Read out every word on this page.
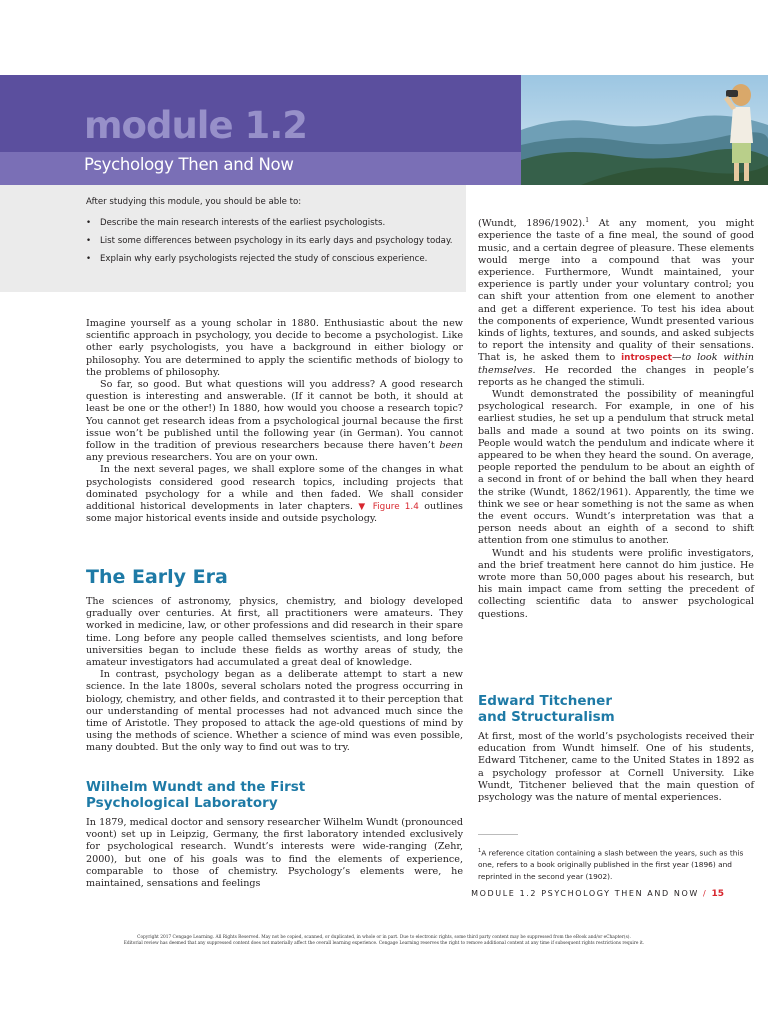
module 1.2
Psychology Then and Now
After studying this module, you should be able to:
• Describe the main research interests of the earliest psychologists.
• List some differences between psychology in its early days and psychology today.
• Explain why early psychologists rejected the study of conscious experience.

Imagine yourself as a young scholar in 1880. Enthusiastic about the new scientific approach in psychology, you decide to become a psychologist. Like other early psychologists, you have a background in either biology or philosophy. You are determined to apply the scientific methods of biology to the problems of philosophy.

So far, so good. But what questions will you address? A good research question is interesting and answerable. (If it cannot be both, it should at least be one or the other!) In 1880, how would you choose a research topic? You cannot get research ideas from a psychological journal because the first issue won’t be published until the following year (in German). You cannot follow in the tradition of previous researchers because there haven’t been any previous researchers. You are on your own.

In the next several pages, we shall explore some of the changes in what psychologists considered good research topics, including projects that dominated psychology for a while and then faded. We shall consider additional historical developments in later chapters. ▼ Figure 1.4 outlines some major historical events inside and outside psychology.

The Early Era

The sciences of astronomy, physics, chemistry, and biology developed gradually over centuries. At first, all practitioners were amateurs. They worked in medicine, law, or other professions and did research in their spare time. Long before any people called themselves scientists, and long before universities began to include these fields as worthy areas of study, the amateur investigators had accumulated a great deal of knowledge.

In contrast, psychology began as a deliberate attempt to start a new science. In the late 1800s, several scholars noted the progress occurring in biology, chemistry, and other fields, and contrasted it to their perception that our understanding of mental processes had not advanced much since the time of Aristotle. They proposed to attack the age-old questions of mind by using the methods of science. Whether a science of mind was even possible, many doubted. But the only way to find out was to try.

Wilhelm Wundt and the First
Psychological Laboratory

In 1879, medical doctor and sensory researcher Wilhelm Wundt (pronounced voont) set up in Leipzig, Germany, the first laboratory intended exclusively for psychological research. Wundt’s interests were wide-ranging (Zehr, 2000), but one of his goals was to find the elements of experience, comparable to those of chemistry. Psychology’s elements were, he maintained, sensations and feelings

(Wundt, 1896/1902).$^1$ At any moment, you might experience the taste of a fine meal, the sound of good music, and a certain degree of pleasure. These elements would merge into a compound that was your experience. Furthermore, Wundt maintained, your experience is partly under your voluntary control; you can shift your attention from one element to another and get a different experience. To test his idea about the components of experience, Wundt presented various kinds of lights, textures, and sounds, and asked subjects to report the intensity and quality of their sensations. That is, he asked them to introspect—to look within themselves. He recorded the changes in people’s reports as he changed the stimuli.

Wundt demonstrated the possibility of meaningful psychological research. For example, in one of his earliest studies, he set up a pendulum that struck metal balls and made a sound at two points on its swing. People would watch the pendulum and indicate where it appeared to be when they heard the sound. On average, people reported the pendulum to be about an eighth of a second in front of or behind the ball when they heard the strike (Wundt, 1862/1961). Apparently, the time we think we see or hear something is not the same as when the event occurs. Wundt’s interpretation was that a person needs about an eighth of a second to shift attention from one stimulus to another.

Wundt and his students were prolific investigators, and the brief treatment here cannot do him justice. He wrote more than 50,000 pages about his research, but his main impact came from setting the precedent of collecting scientific data to answer psychological questions.

Edward Titchener
and Structuralism

At first, most of the world’s psychologists received their education from Wundt himself. One of his students, Edward Titchener, came to the United States in 1892 as a psychology professor at Cornell University. Like Wundt, Titchener believed that the main question of psychology was the nature of mental experiences.

$^1$A reference citation containing a slash between the years, such as this one, refers to a book originally published in the first year (1896) and reprinted in the second year (1902).
MODULE 1.2 PSYCHOLOGY THEN AND NOW / 15
Copyright 2017 Cengage Learning. All Rights Reserved. May not be copied, scanned, or duplicated, in whole or in part. Due to electronic rights, some third party content may be suppressed from the eBook and/or eChapter(s).
Editorial review has deemed that any suppressed content does not materially affect the overall learning experience. Cengage Learning reserves the right to remove additional content at any time if subsequent rights restrictions require it.
